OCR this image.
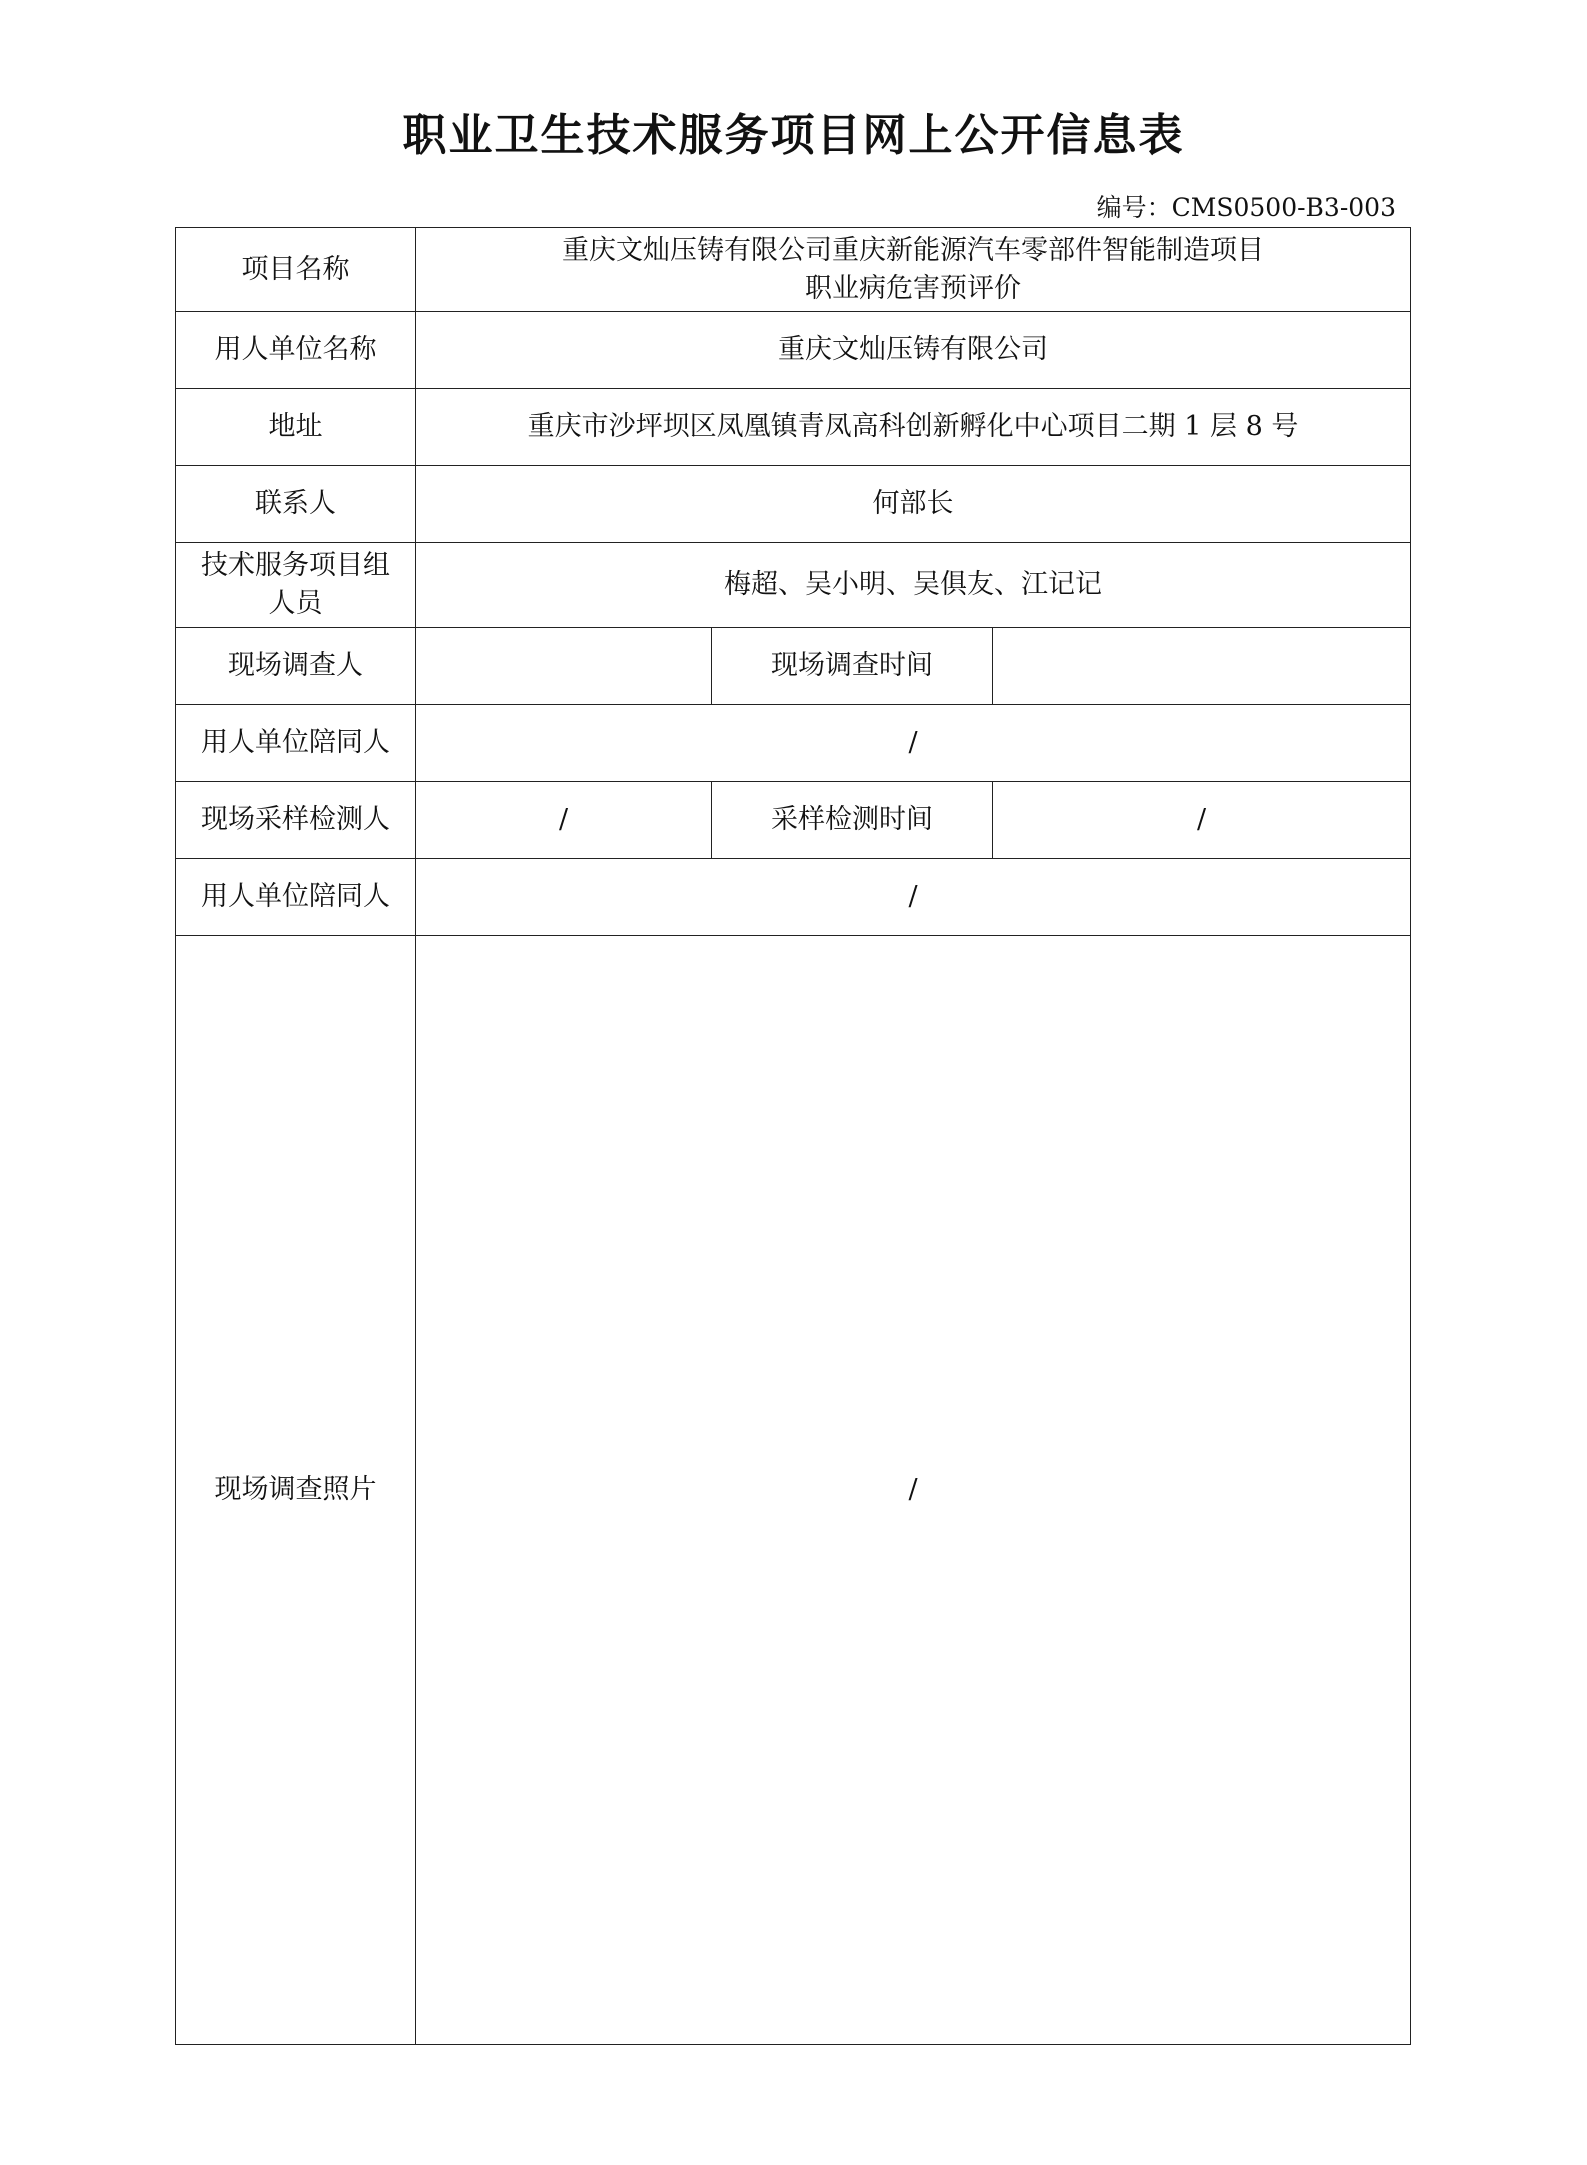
职业卫生技术服务项目网上公开信息表
编号：CMS0500-B3-003
项目名称	重庆文灿压铸有限公司重庆新能源汽车零部件智能制造项目
职业病危害预评价		

用人单位名称	重庆文灿压铸有限公司		
地址	重庆市沙坪坝区凤凰镇青凤高科创新孵化中心项目二期 1 层 8 号		
联系人	何部长		

技术服务项目组
人员	梅超、吴小明、吴俱友、江记记		
现场调查人		现场调查时间	
用人单位陪同人	/		
现场采样检测人	/	采样检测时间	/
用人单位陪同人	/		
现场调查照片	/		
